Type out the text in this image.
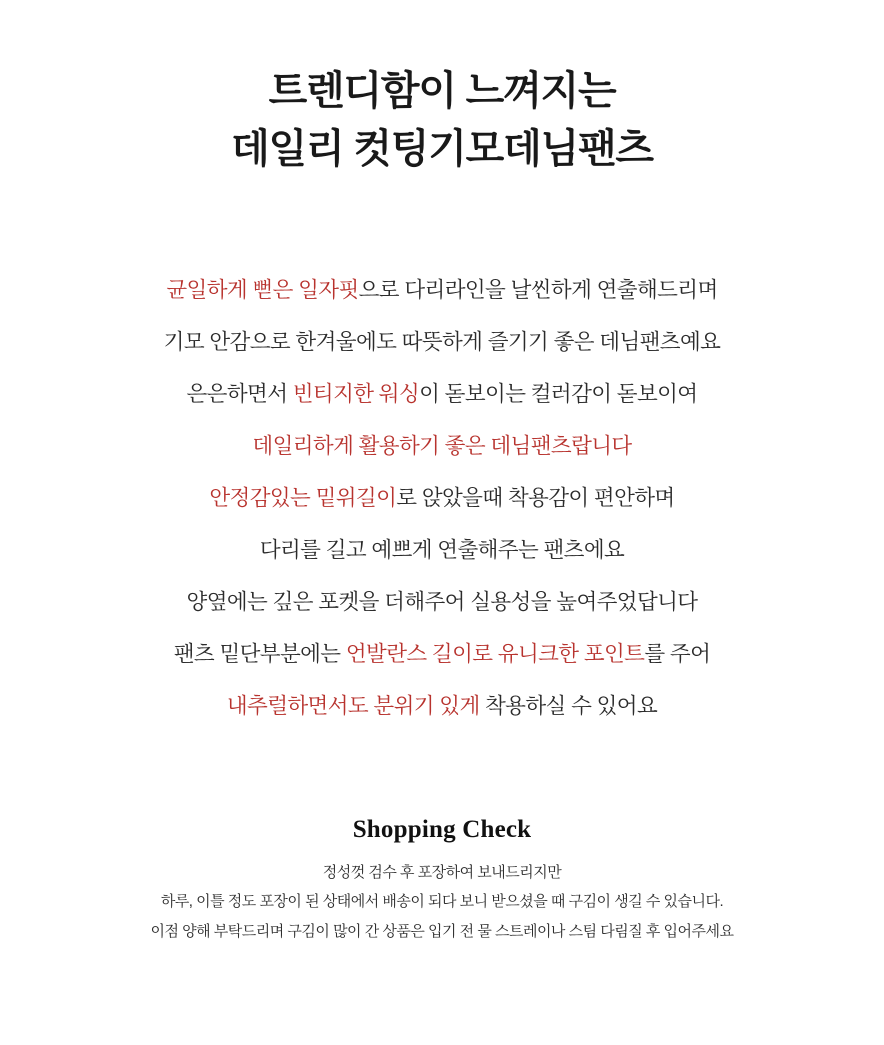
트렌디함이 느껴지는
데일리 컷팅기모데님팬츠
균일하게 뻗은 일자핏으로 다리라인을 날씬하게 연출해드리며
기모 안감으로 한겨울에도 따뜻하게 즐기기 좋은 데님팬츠예요
은은하면서 빈티지한 워싱이 돋보이는 컬러감이 돋보이여
데일리하게 활용하기 좋은 데님팬츠랍니다
안정감있는 밑위길이로 앉았을때 착용감이 편안하며
다리를 길고 예쁘게 연출해주는 팬츠에요
양옆에는 깊은 포켓을 더해주어 실용성을 높여주었답니다
팬츠 밑단부분에는 언발란스 길이로 유니크한 포인트를 주어
내추럴하면서도 분위기 있게 착용하실 수 있어요
Shopping Check
정성껏 검수 후 포장하여 보내드리지만
하루, 이틀 정도 포장이 된 상태에서 배송이 되다 보니 받으셨을 때 구김이 생길 수 있습니다.
이점 양해 부탁드리며 구김이 많이 간 상품은 입기 전 물 스트레이나 스팀 다림질 후 입어주세요
